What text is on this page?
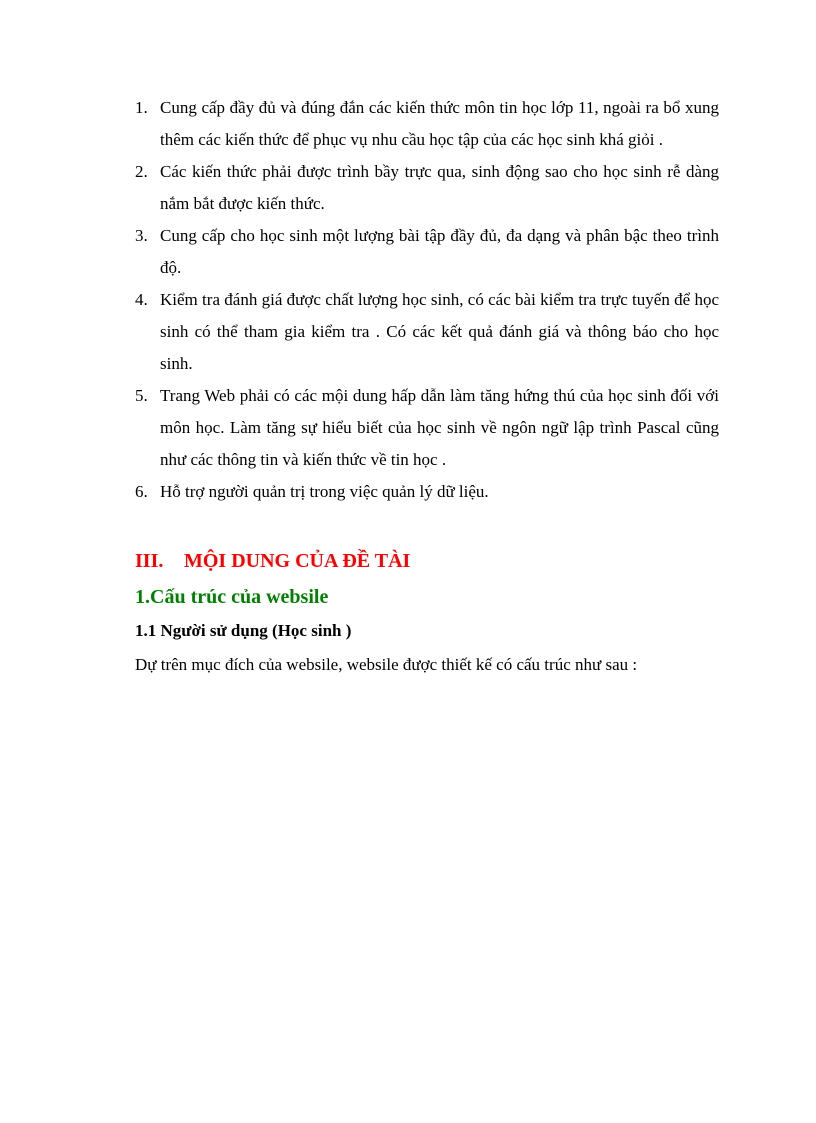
1. Cung cấp đầy đủ và đúng đắn các kiến thức môn tin học lớp 11, ngoài ra bổ xung thêm các kiến thức để phục vụ nhu cầu học tập của các học sinh khá giỏi .
2. Các kiến thức phải được trình bầy trực qua, sinh động sao cho học sinh rễ dàng nắm bắt được kiến thức.
3. Cung cấp cho học sinh một lượng bài tập đầy đủ, đa dạng và phân bậc theo trình độ.
4. Kiểm tra đánh giá được chất lượng học sinh, có các bài kiểm tra trực tuyến để học sinh có thể tham gia kiểm tra . Có các kết quả đánh giá và thông báo cho học sinh.
5. Trang Web phải có các mội dung hấp dẫn làm tăng hứng thú của học sinh đối với môn học. Làm tăng sự hiểu biết của học sinh về ngôn ngữ lập trình Pascal cũng như các thông tin và kiến thức về tin học .
6. Hỗ trợ người quản trị trong việc quản lý dữ liệu.
III. MỘI DUNG CỦA ĐỀ TÀI
1.Cấu trúc của websile
1.1 Người sử dụng (Học sinh )
Dự trên mục đích của websile, websile được thiết kế có cấu trúc như sau :
